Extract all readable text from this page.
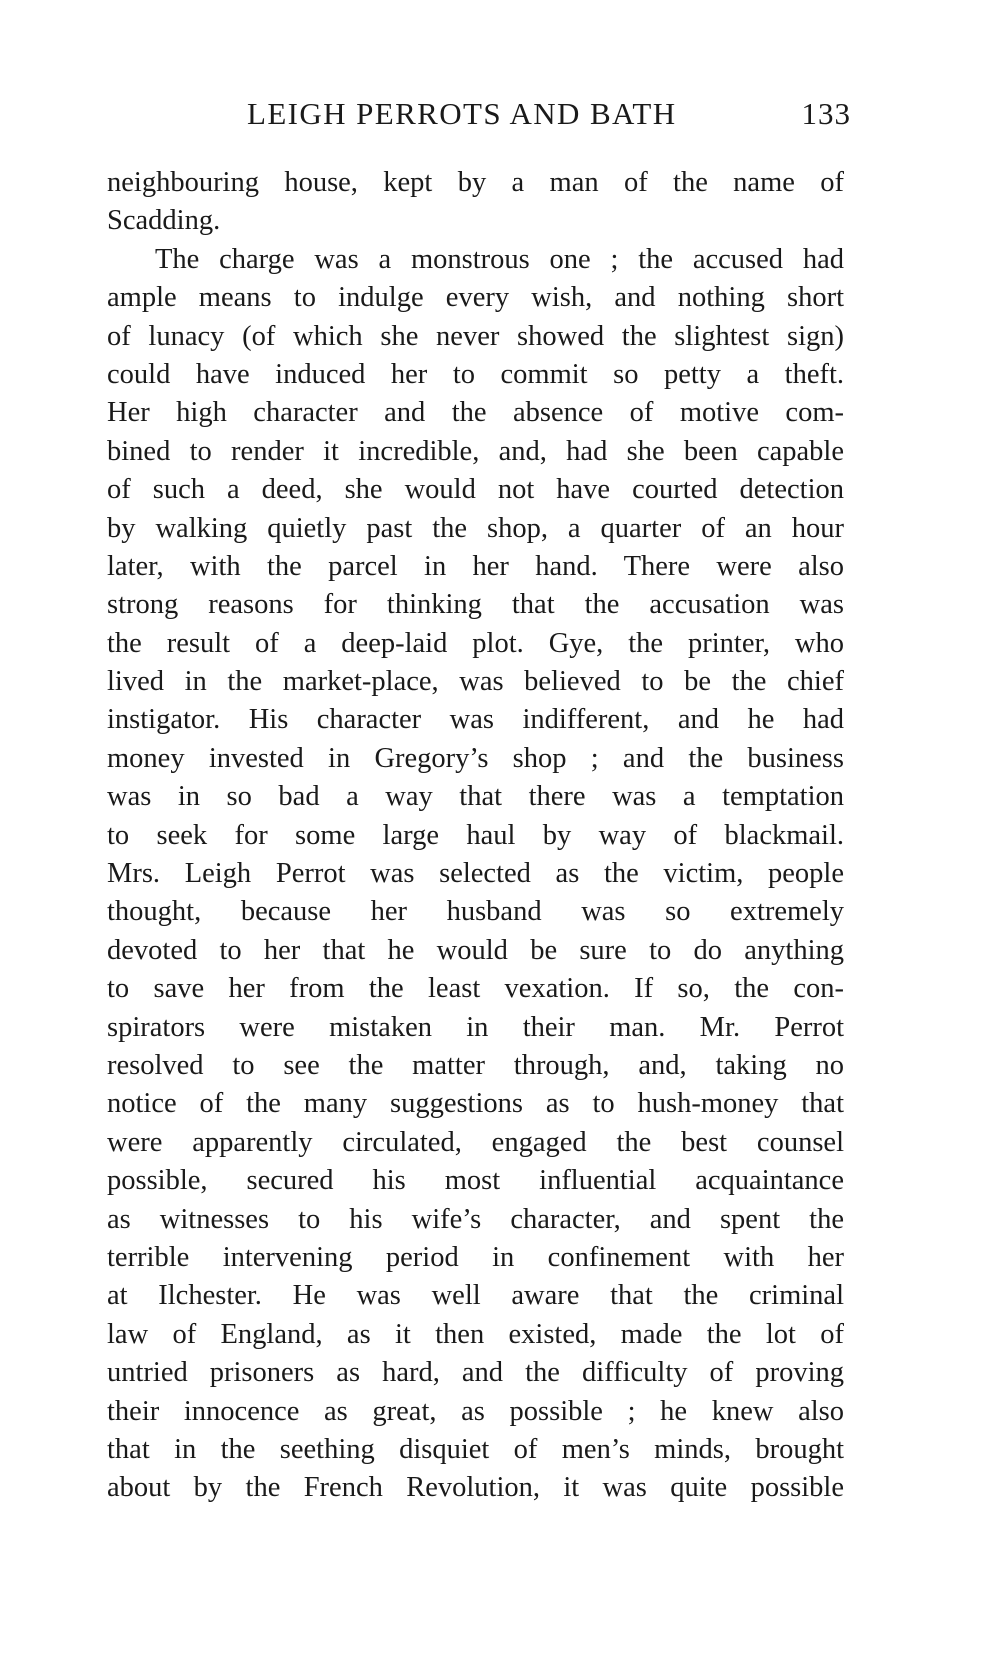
LEIGH PERROTS AND BATH	133
neighbouring house, kept by a man of the name of
Scadding.
The charge was a monstrous one ; the accused had
ample means to indulge every wish, and nothing short
of lunacy (of which she never showed the slightest sign)
could have induced her to commit so petty a theft.
Her high character and the absence of motive com-
bined to render it incredible, and, had she been capable
of such a deed, she would not have courted detection
by walking quietly past the shop, a quarter of an hour
later, with the parcel in her hand. There were also
strong reasons for thinking that the accusation was
the result of a deep-laid plot. Gye, the printer, who
lived in the market-place, was believed to be the chief
instigator. His character was indifferent, and he had
money invested in Gregory’s shop ; and the business
was in so bad a way that there was a temptation
to seek for some large haul by way of blackmail.
Mrs. Leigh Perrot was selected as the victim, people
thought, because her husband was so extremely
devoted to her that he would be sure to do anything
to save her from the least vexation. If so, the con-
spirators were mistaken in their man. Mr. Perrot
resolved to see the matter through, and, taking no
notice of the many suggestions as to hush-money that
were apparently circulated, engaged the best counsel
possible, secured his most influential acquaintance
as witnesses to his wife’s character, and spent the
terrible intervening period in confinement with her
at Ilchester. He was well aware that the criminal
law of England, as it then existed, made the lot of
untried prisoners as hard, and the difficulty of proving
their innocence as great, as possible ; he knew also
that in the seething disquiet of men’s minds, brought
about by the French Revolution, it was quite possible
